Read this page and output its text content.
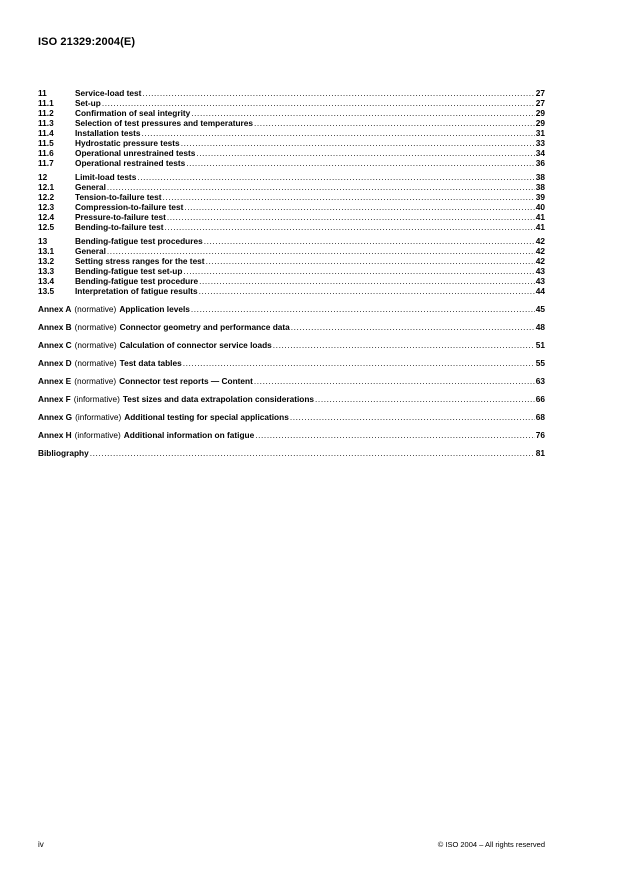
ISO 21329:2004(E)
11	Service-load test .....	27
11.1	Set-up .....	27
11.2	Confirmation of seal integrity .....	29
11.3	Selection of test pressures and temperatures .....	29
11.4	Installation tests .....	31
11.5	Hydrostatic pressure tests .....	33
11.6	Operational unrestrained tests .....	34
11.7	Operational restrained tests .....	36
12	Limit-load tests .....	38
12.1	General .....	38
12.2	Tension-to-failure test .....	39
12.3	Compression-to-failure test .....	40
12.4	Pressure-to-failure test .....	41
12.5	Bending-to-failure test .....	41
13	Bending-fatigue test procedures .....	42
13.1	General .....	42
13.2	Setting stress ranges for the test .....	42
13.3	Bending-fatigue test set-up .....	43
13.4	Bending-fatigue test procedure .....	43
13.5	Interpretation of fatigue results .....	44
Annex A (normative) Application levels .....	45
Annex B (normative) Connector geometry and performance data .....	48
Annex C (normative) Calculation of connector service loads .....	51
Annex D (normative) Test data tables .....	55
Annex E (normative) Connector test reports — Content .....	63
Annex F (informative) Test sizes and data extrapolation considerations .....	66
Annex G (informative) Additional testing for special applications .....	68
Annex H (informative) Additional information on fatigue .....	76
Bibliography .....	81
iv	© ISO 2004 – All rights reserved
